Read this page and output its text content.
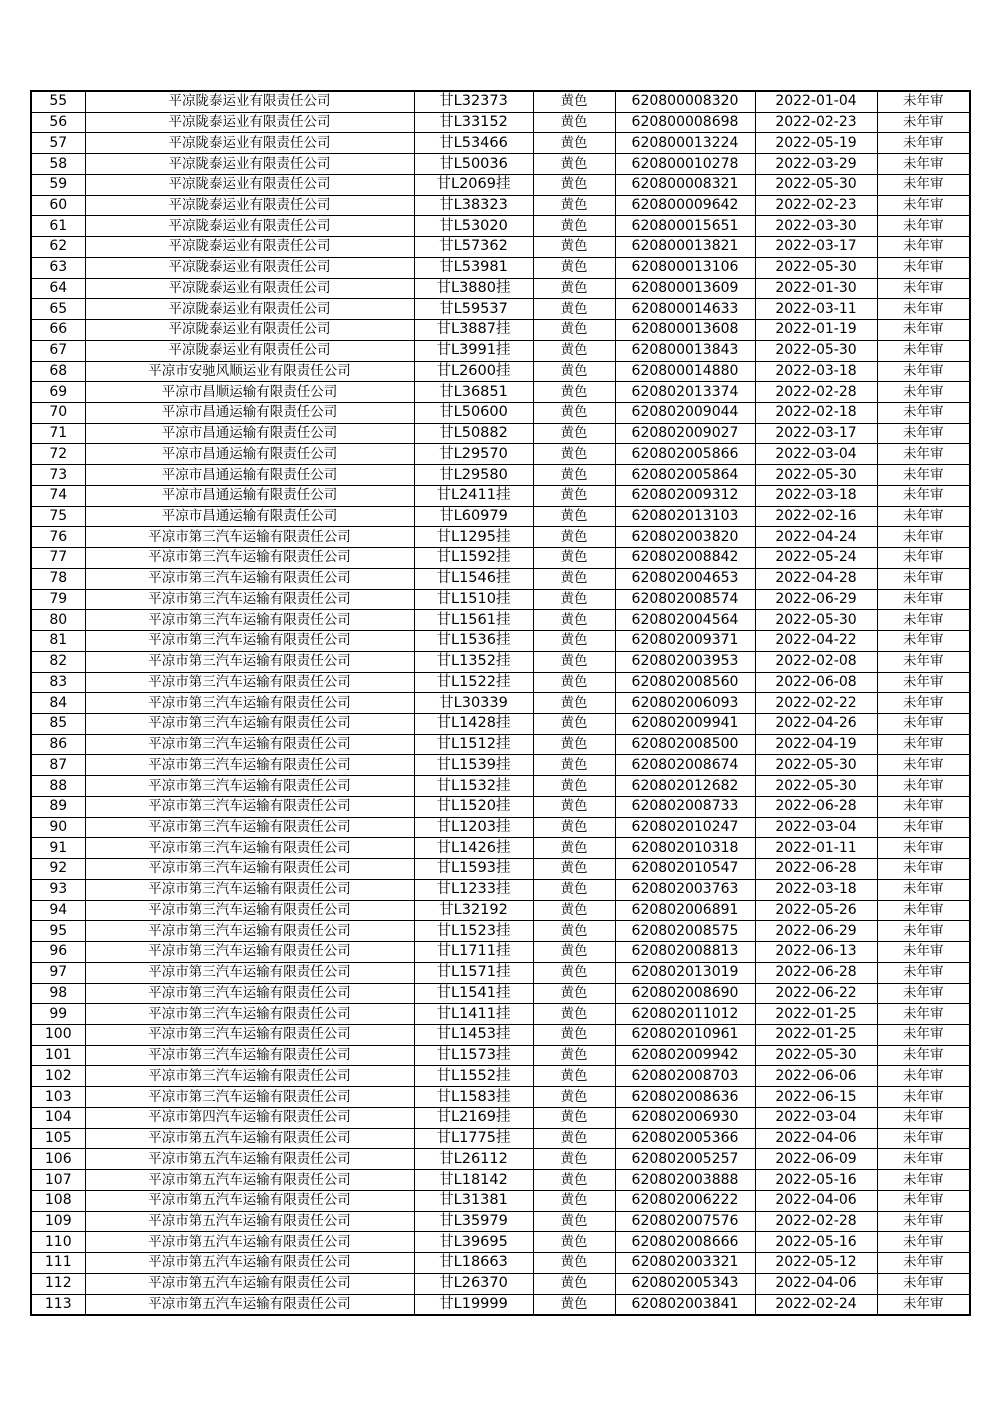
55	平凉陇泰运业有限责任公司	甘L32373	黄色	620800008320	2022-01-04	未年审
56	平凉陇泰运业有限责任公司	甘L33152	黄色	620800008698	2022-02-23	未年审
57	平凉陇泰运业有限责任公司	甘L53466	黄色	620800013224	2022-05-19	未年审
58	平凉陇泰运业有限责任公司	甘L50036	黄色	620800010278	2022-03-29	未年审
59	平凉陇泰运业有限责任公司	甘L2069挂	黄色	620800008321	2022-05-30	未年审
60	平凉陇泰运业有限责任公司	甘L38323	黄色	620800009642	2022-02-23	未年审
61	平凉陇泰运业有限责任公司	甘L53020	黄色	620800015651	2022-03-30	未年审
62	平凉陇泰运业有限责任公司	甘L57362	黄色	620800013821	2022-03-17	未年审
63	平凉陇泰运业有限责任公司	甘L53981	黄色	620800013106	2022-05-30	未年审
64	平凉陇泰运业有限责任公司	甘L3880挂	黄色	620800013609	2022-01-30	未年审
65	平凉陇泰运业有限责任公司	甘L59537	黄色	620800014633	2022-03-11	未年审
66	平凉陇泰运业有限责任公司	甘L3887挂	黄色	620800013608	2022-01-19	未年审
67	平凉陇泰运业有限责任公司	甘L3991挂	黄色	620800013843	2022-05-30	未年审
68	平凉市安驰风顺运业有限责任公司	甘L2600挂	黄色	620800014880	2022-03-18	未年审
69	平凉市昌顺运输有限责任公司	甘L36851	黄色	620802013374	2022-02-28	未年审
70	平凉市昌通运输有限责任公司	甘L50600	黄色	620802009044	2022-02-18	未年审
71	平凉市昌通运输有限责任公司	甘L50882	黄色	620802009027	2022-03-17	未年审
72	平凉市昌通运输有限责任公司	甘L29570	黄色	620802005866	2022-03-04	未年审
73	平凉市昌通运输有限责任公司	甘L29580	黄色	620802005864	2022-05-30	未年审
74	平凉市昌通运输有限责任公司	甘L2411挂	黄色	620802009312	2022-03-18	未年审
75	平凉市昌通运输有限责任公司	甘L60979	黄色	620802013103	2022-02-16	未年审
76	平凉市第三汽车运输有限责任公司	甘L1295挂	黄色	620802003820	2022-04-24	未年审
77	平凉市第三汽车运输有限责任公司	甘L1592挂	黄色	620802008842	2022-05-24	未年审
78	平凉市第三汽车运输有限责任公司	甘L1546挂	黄色	620802004653	2022-04-28	未年审
79	平凉市第三汽车运输有限责任公司	甘L1510挂	黄色	620802008574	2022-06-29	未年审
80	平凉市第三汽车运输有限责任公司	甘L1561挂	黄色	620802004564	2022-05-30	未年审
81	平凉市第三汽车运输有限责任公司	甘L1536挂	黄色	620802009371	2022-04-22	未年审
82	平凉市第三汽车运输有限责任公司	甘L1352挂	黄色	620802003953	2022-02-08	未年审
83	平凉市第三汽车运输有限责任公司	甘L1522挂	黄色	620802008560	2022-06-08	未年审
84	平凉市第三汽车运输有限责任公司	甘L30339	黄色	620802006093	2022-02-22	未年审
85	平凉市第三汽车运输有限责任公司	甘L1428挂	黄色	620802009941	2022-04-26	未年审
86	平凉市第三汽车运输有限责任公司	甘L1512挂	黄色	620802008500	2022-04-19	未年审
87	平凉市第三汽车运输有限责任公司	甘L1539挂	黄色	620802008674	2022-05-30	未年审
88	平凉市第三汽车运输有限责任公司	甘L1532挂	黄色	620802012682	2022-05-30	未年审
89	平凉市第三汽车运输有限责任公司	甘L1520挂	黄色	620802008733	2022-06-28	未年审
90	平凉市第三汽车运输有限责任公司	甘L1203挂	黄色	620802010247	2022-03-04	未年审
91	平凉市第三汽车运输有限责任公司	甘L1426挂	黄色	620802010318	2022-01-11	未年审
92	平凉市第三汽车运输有限责任公司	甘L1593挂	黄色	620802010547	2022-06-28	未年审
93	平凉市第三汽车运输有限责任公司	甘L1233挂	黄色	620802003763	2022-03-18	未年审
94	平凉市第三汽车运输有限责任公司	甘L32192	黄色	620802006891	2022-05-26	未年审
95	平凉市第三汽车运输有限责任公司	甘L1523挂	黄色	620802008575	2022-06-29	未年审
96	平凉市第三汽车运输有限责任公司	甘L1711挂	黄色	620802008813	2022-06-13	未年审
97	平凉市第三汽车运输有限责任公司	甘L1571挂	黄色	620802013019	2022-06-28	未年审
98	平凉市第三汽车运输有限责任公司	甘L1541挂	黄色	620802008690	2022-06-22	未年审
99	平凉市第三汽车运输有限责任公司	甘L1411挂	黄色	620802011012	2022-01-25	未年审
100	平凉市第三汽车运输有限责任公司	甘L1453挂	黄色	620802010961	2022-01-25	未年审
101	平凉市第三汽车运输有限责任公司	甘L1573挂	黄色	620802009942	2022-05-30	未年审
102	平凉市第三汽车运输有限责任公司	甘L1552挂	黄色	620802008703	2022-06-06	未年审
103	平凉市第三汽车运输有限责任公司	甘L1583挂	黄色	620802008636	2022-06-15	未年审
104	平凉市第四汽车运输有限责任公司	甘L2169挂	黄色	620802006930	2022-03-04	未年审
105	平凉市第五汽车运输有限责任公司	甘L1775挂	黄色	620802005366	2022-04-06	未年审
106	平凉市第五汽车运输有限责任公司	甘L26112	黄色	620802005257	2022-06-09	未年审
107	平凉市第五汽车运输有限责任公司	甘L18142	黄色	620802003888	2022-05-16	未年审
108	平凉市第五汽车运输有限责任公司	甘L31381	黄色	620802006222	2022-04-06	未年审
109	平凉市第五汽车运输有限责任公司	甘L35979	黄色	620802007576	2022-02-28	未年审
110	平凉市第五汽车运输有限责任公司	甘L39695	黄色	620802008666	2022-05-16	未年审
111	平凉市第五汽车运输有限责任公司	甘L18663	黄色	620802003321	2022-05-12	未年审
112	平凉市第五汽车运输有限责任公司	甘L26370	黄色	620802005343	2022-04-06	未年审
113	平凉市第五汽车运输有限责任公司	甘L19999	黄色	620802003841	2022-02-24	未年审
